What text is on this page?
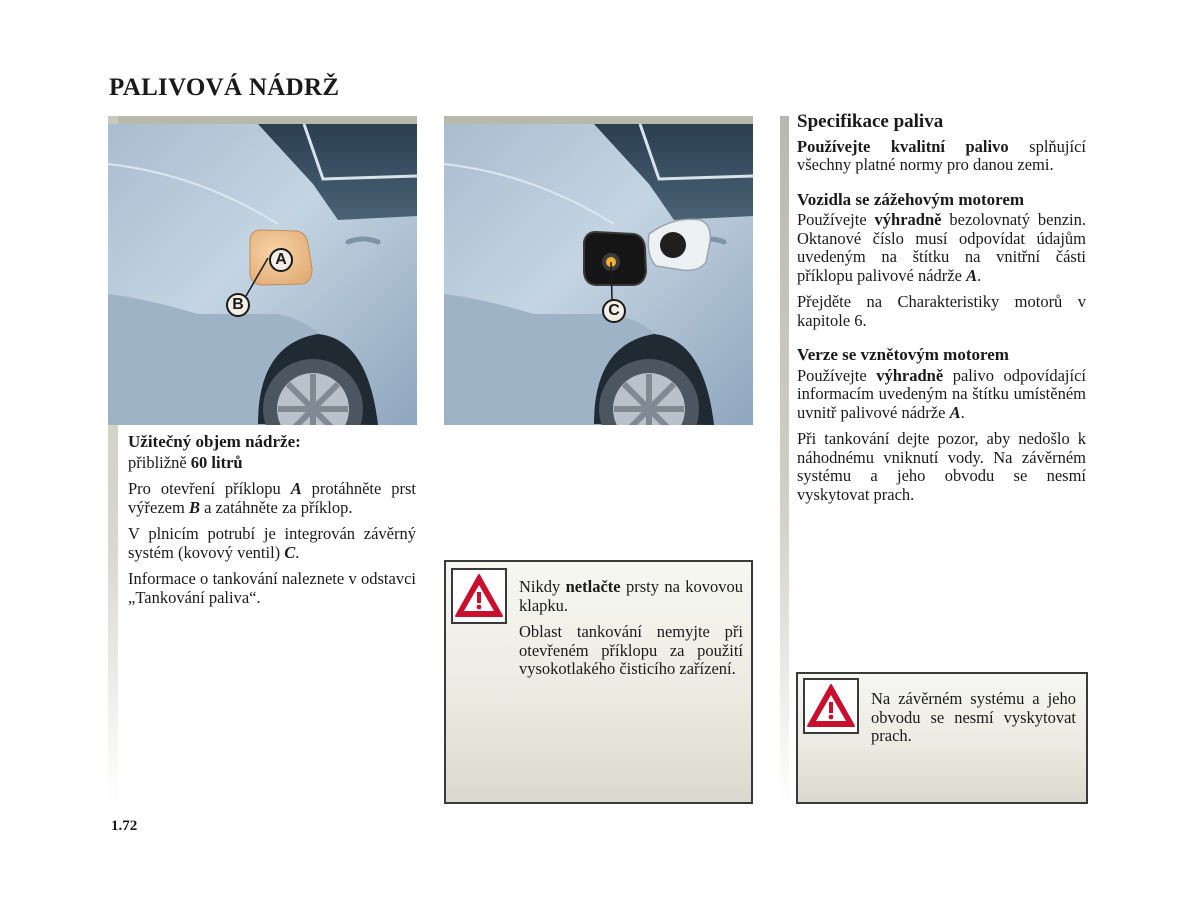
PALIVOVÁ NÁDRŽ
A
B	C
Užitečný objem nádrže:

přibližně 60 litrů

Pro otevření příklopu A protáhněte prst výřezem B a zatáhněte za příklop.

V plnicím potrubí je integrován závěrný systém (kovový ventil) C.

Informace o tankování naleznete v odstavci „Tankování paliva“.

Nikdy netlačte prsty na kovovou klapku.

Oblast tankování nemyjte při otevřeném příklopu za použití vysokotlakého čisticího zařízení.

Specifikace paliva

Používejte kvalitní palivo splňující všechny platné normy pro danou zemi.

Vozidla se zážehovým motorem

Používejte výhradně bezolovnatý benzin. Oktanové číslo musí odpovídat údajům uvedeným na štítku na vnitřní části příklopu palivové nádrže A.

Přejděte na Charakteristiky motorů v kapitole 6.

Verze se vznětovým motorem

Používejte výhradně palivo odpovídající informacím uvedeným na štítku umístěném uvnitř palivové nádrže A.

Při tankování dejte pozor, aby nedošlo k náhodnému vniknutí vody. Na závěrném systému a jeho obvodu se nesmí vyskytovat prach.

Na závěrném systému a jeho obvodu se nesmí vyskytovat prach.

1.72
